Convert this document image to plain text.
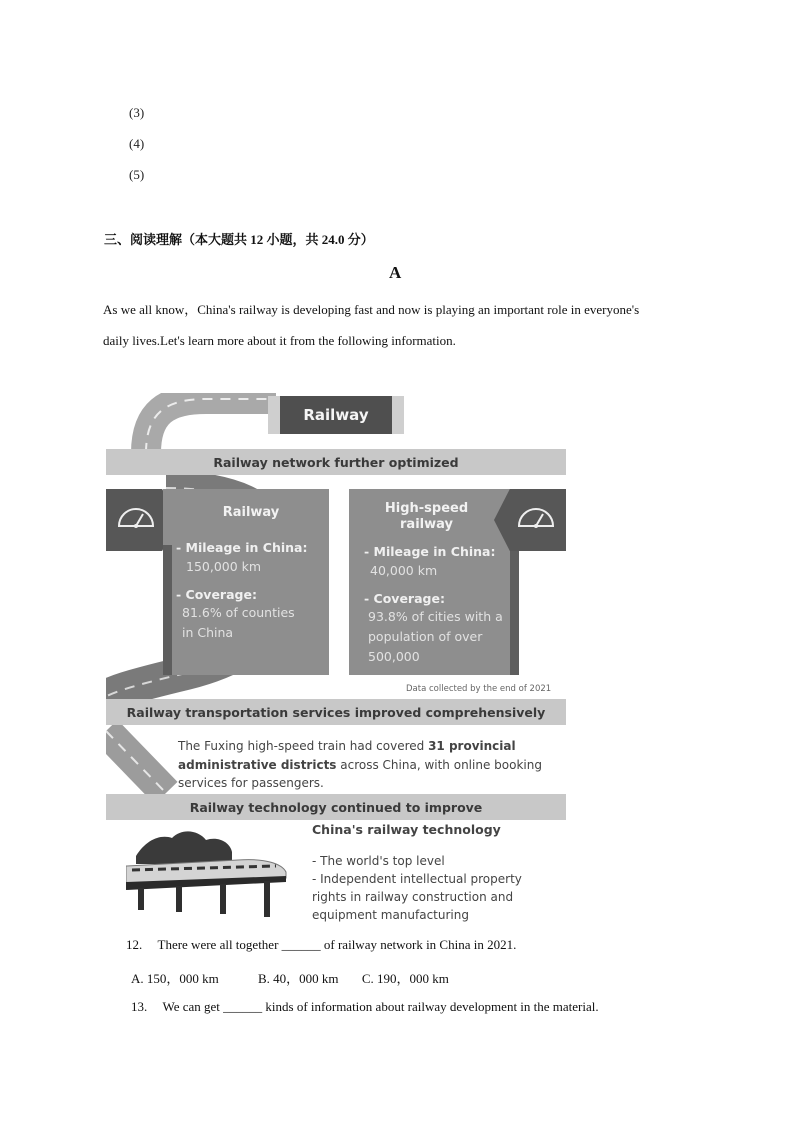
(3)
(4)
(5)
三、阅读理解（本大题共 12 小题，共 24.0 分）
A
As we all know，China's railway is developing fast and now is playing an important role in everyone's
daily lives.Let's learn more about it from the following information.
Railway
Railway network further optimized
Railway
- Mileage in China:
150,000 km
- Coverage:
81.6% of counties
in China
High-speed
railway
- Mileage in China:
40,000 km
- Coverage:
93.8% of cities with a
population of over
500,000
Data collected by the end of 2021
Railway transportation services improved comprehensively
The Fuxing high-speed train had covered 31 provincial
administrative districts across China, with online booking
services for passengers.
Railway technology continued to improve
China's railway technology
- The world's top level
- Independent intellectual property
rights in railway construction and
equipment manufacturing
12. There were all together ______ of railway network in China in 2021.
A. 150，000 km	B. 40，000 km C. 190，000 km
13. We can get ______ kinds of information about railway development in the material.
